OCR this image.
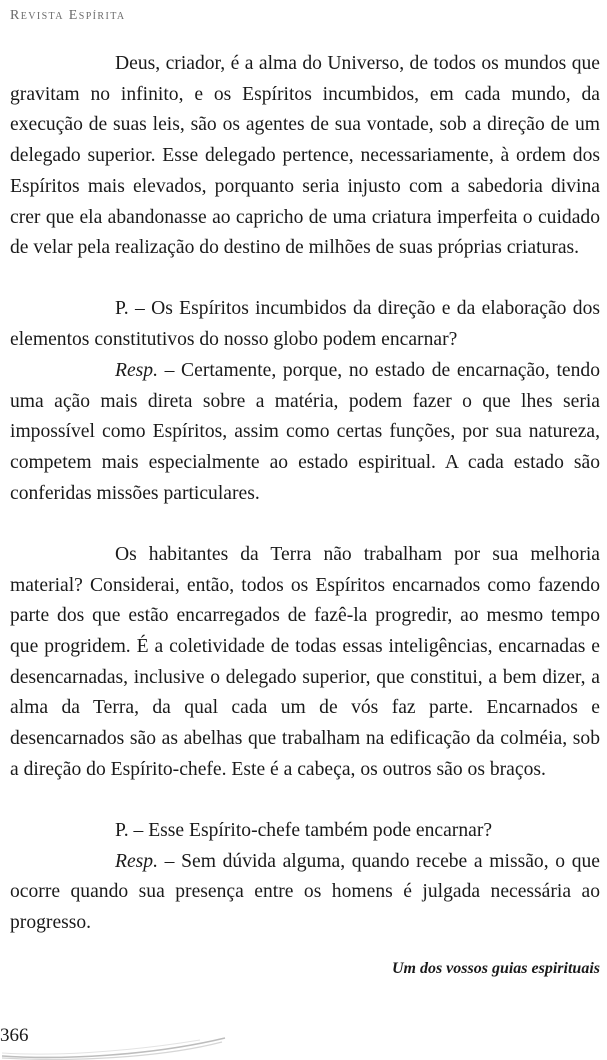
Revista Espírita

Deus, criador, é a alma do Universo, de todos os mundos que gravitam no infinito, e os Espíritos incumbidos, em cada mundo, da execução de suas leis, são os agentes de sua vontade, sob a direção de um delegado superior. Esse delegado pertence, necessariamente, à ordem dos Espíritos mais elevados, porquanto seria injusto com a sabedoria divina crer que ela abandonasse ao capricho de uma criatura imperfeita o cuidado de velar pela realização do destino de milhões de suas próprias criaturas.

P. – Os Espíritos incumbidos da direção e da elaboração dos elementos constitutivos do nosso globo podem encarnar?

Resp. – Certamente, porque, no estado de encarnação, tendo uma ação mais direta sobre a matéria, podem fazer o que lhes seria impossível como Espíritos, assim como certas funções, por sua natureza, competem mais especialmente ao estado espiritual. A cada estado são conferidas missões particulares.

Os habitantes da Terra não trabalham por sua melhoria material? Considerai, então, todos os Espíritos encarnados como fazendo parte dos que estão encarregados de fazê-la progredir, ao mesmo tempo que progridem. É a coletividade de todas essas inteligências, encarnadas e desencarnadas, inclusive o delegado superior, que constitui, a bem dizer, a alma da Terra, da qual cada um de vós faz parte. Encarnados e desencarnados são as abelhas que trabalham na edificação da colméia, sob a direção do Espírito-chefe. Este é a cabeça, os outros são os braços.

P. – Esse Espírito-chefe também pode encarnar?

Resp. – Sem dúvida alguma, quando recebe a missão, o que ocorre quando sua presença entre os homens é julgada necessária ao progresso.

Um dos vossos guias espirituais
366
